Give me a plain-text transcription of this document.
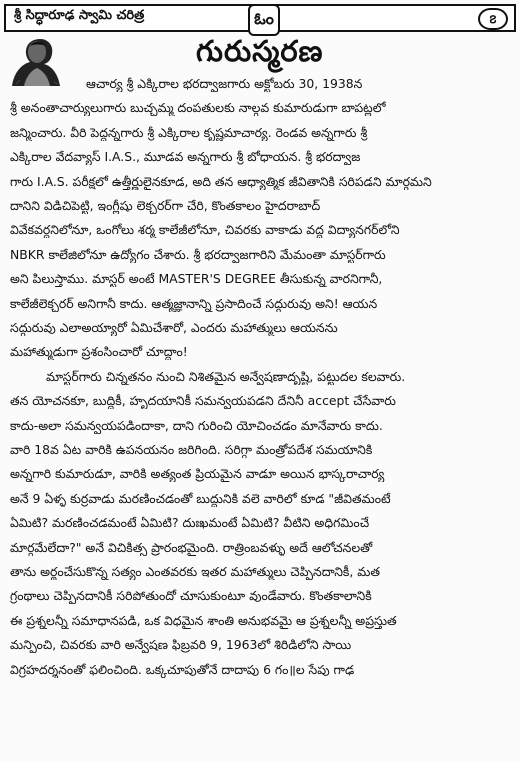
శ్రీ సిద్ధారూఢ స్వామి చరిత్ర	ఓం	౭
గురుస్మరణ
ఆచార్య శ్రీ ఎక్కిరాల భరద్వాజగారు అక్టోబరు 30, 1938న
శ్రీ అనంతాచార్యులుగారు బుచ్చమ్మ దంపతులకు నాల్గవ కుమారుడుగా బాపట్లలో
జన్మించారు. వీరి పెద్దన్నగారు శ్రీ ఎక్కిరాల కృష్ణమాచార్య. రెండవ అన్నగారు శ్రీ
ఎక్కిరాల వేదవ్యాస్ I.A.S., మూడవ అన్నగారు శ్రీ బోధాయన. శ్రీ భరద్వాజ
గారు I.A.S. పరీక్షలో ఉత్తీర్ణులైనకూడ, అది తన ఆధ్యాత్మిక జీవితానికి సరిపడని మార్గమని
దానిని విడిచిపెట్టి, ఇంగ్లీషు లెక్చరర్‌గా చేరి, కొంతకాలం హైదరాబాద్
వివేకవర్ధనిలోనూ, ఒంగోలు శర్మ కాలేజీలోనూ, చివరకు వాకాడు వద్ద విద్యానగర్‌లోని
NBKR కాలేజిలోనూ ఉద్యోగం చేశారు. శ్రీ భరద్వాజగారిని మేమంతా మాస్టర్‌గారు
అని పిలుస్తాము. మాస్టర్ అంటే MASTER'S DEGREE తీసుకున్న వారనిగానీ,
కాలేజీలెక్చరర్ అనిగానీ కాదు. ఆత్మజ్ఞానాన్ని ప్రసాదించే సద్గురువు అని! ఆయన
సద్గురువు ఎలాఅయ్యారో ఏమిచేశారో, ఎందరు మహాత్ములు ఆయనను
మహాత్ముడుగా ప్రశంసించారో చూద్దాం!
మాస్టర్‌గారు చిన్నతనం నుంచి నిశితమైన అన్వేషణాదృష్టి, పట్టుదల కలవారు.
తన యోచనకూ, బుద్ధికీ, హృదయానికీ సమన్వయపడని దేనినీ accept చేసేవారు
కాదు-అలా సమన్వయపడిందాకా, దాని గురించి యోచించడం మానేవారు కాదు.
వారి 18వ ఏట వారికి ఉపనయనం జరిగింది. సరిగ్గా మంత్రోపదేశ సమయానికి
అన్నగారి కుమారుడూ, వారికి అత్యంత ప్రియమైన వాడూ అయిన భాస్కరాచార్య
అనే 9 ఏళ్ళ కుర్రవాడు మరణించడంతో బుద్ధునికి వలె వారిలో కూడ "జీవితమంటే
ఏమిటి? మరణించడమంటే ఏమిటి? దుఃఖమంటే ఏమిటి? వీటిని అధిగమించే
మార్గమేలేదా?" అనే విచికిత్స ప్రారంభమైంది. రాత్రింబవళ్ళు అదే ఆలోచనలతో
తాను అర్థంచేసుకొన్న సత్యం ఎంతవరకు ఇతర మహాత్ములు చెప్పినదానికీ, మత
గ్రంథాలు చెప్పినదానికీ సరిపోతుందో చూసుకుంటూ వుండేవారు. కొంతకాలానికి
ఈ ప్రశ్నలన్నీ సమాధానపడి, ఒక విధమైన శాంతి అనుభవమై ఆ ప్రశ్నలన్నీ అప్రస్తుత
మన్పించి, చివరకు వారి అన్వేషణ ఫిబ్రవరి 9, 1963లో శిరిడిలోని సాయి
విగ్రహదర్శనంతో ఫలించింది. ఒక్కచూపుతోనే దాదాపు 6 గం॥ల సేపు గాఢ
